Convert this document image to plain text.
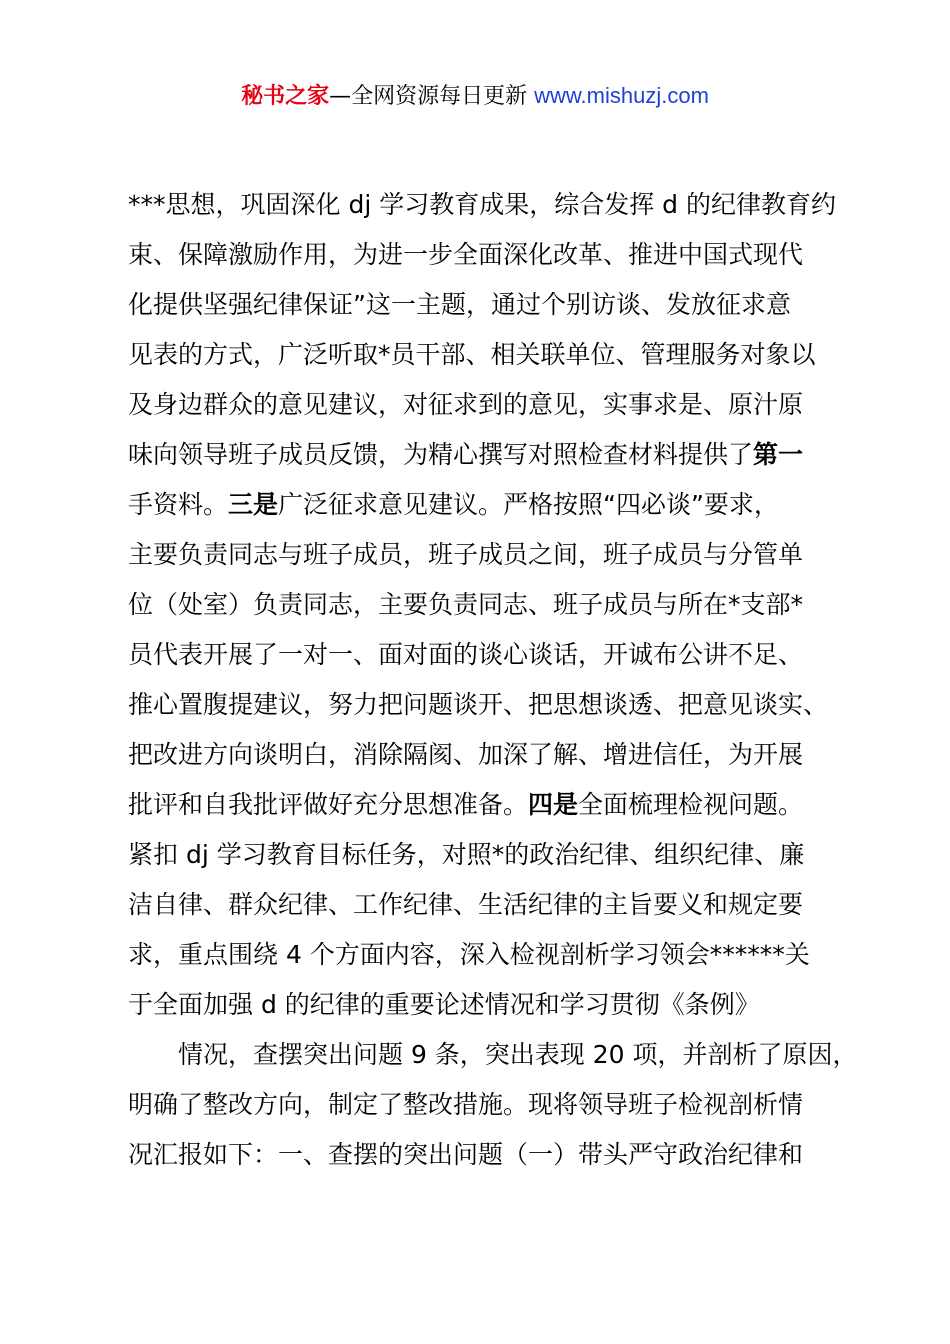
秘书之家—全网资源每日更新 www.mishuzj.com

***思想，巩固深化 dj 学习教育成果，综合发挥 d 的纪律教育约

束、保障激励作用，为进一步全面深化改革、推进中国式现代

化提供坚强纪律保证”这一主题，通过个别访谈、发放征求意

见表的方式，广泛听取*员干部、相关联单位、管理服务对象以

及身边群众的意见建议，对征求到的意见，实事求是、原汁原

味向领导班子成员反馈，为精心撰写对照检查材料提供了第一

手资料。三是广泛征求意见建议。严格按照“四必谈”要求，

主要负责同志与班子成员，班子成员之间，班子成员与分管单

位（处室）负责同志，主要负责同志、班子成员与所在*支部*

员代表开展了一对一、面对面的谈心谈话，开诚布公讲不足、

推心置腹提建议，努力把问题谈开、把思想谈透、把意见谈实、

把改进方向谈明白，消除隔阂、加深了解、增进信任，为开展

批评和自我批评做好充分思想准备。四是全面梳理检视问题。

紧扣 dj 学习教育目标任务，对照*的政治纪律、组织纪律、廉

洁自律、群众纪律、工作纪律、生活纪律的主旨要义和规定要

求，重点围绕 4 个方面内容，深入检视剖析学习领会******关

于全面加强 d 的纪律的重要论述情况和学习贯彻《条例》

情况，查摆突出问题 9 条，突出表现 20 项，并剖析了原因，

明确了整改方向，制定了整改措施。现将领导班子检视剖析情

况汇报如下：一、查摆的突出问题（一）带头严守政治纪律和
